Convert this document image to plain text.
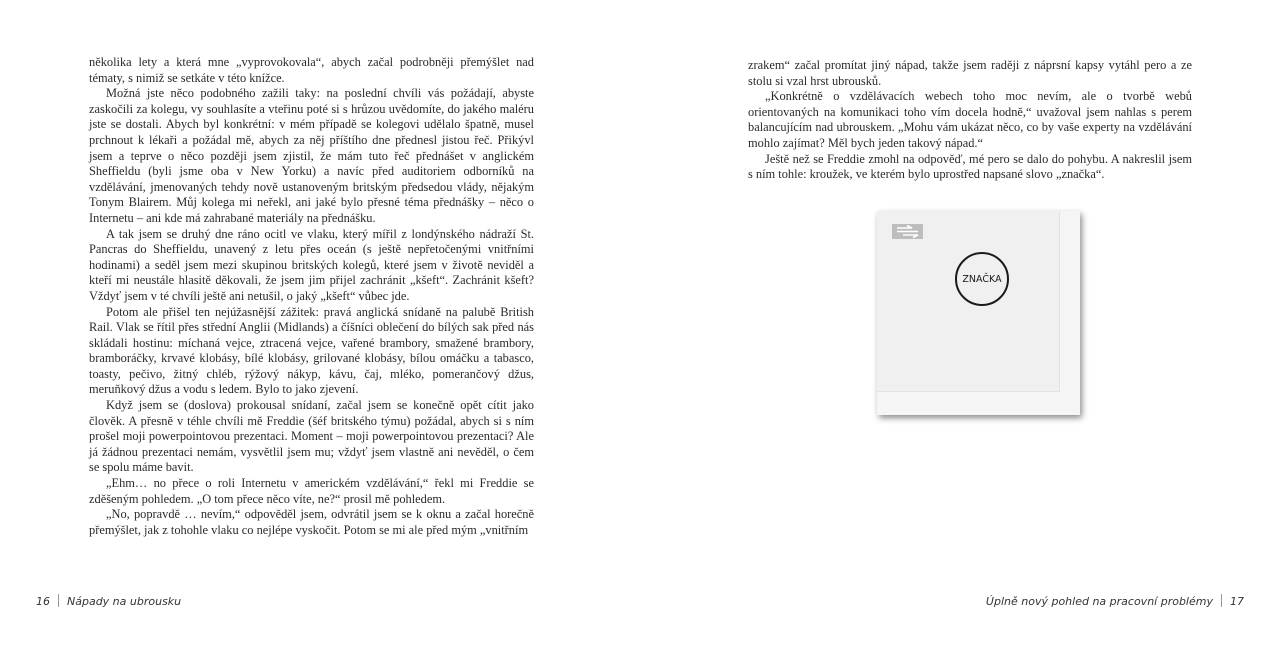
několika lety a která mne „vyprovokovala“, abych začal podrobněji přemýšlet nad tématy, s nimiž se setkáte v této knížce.

Možná jste něco podobného zažili taky: na poslední chvíli vás požádají, abyste zaskočili za kolegu, vy souhlasíte a vteřinu poté si s hrůzou uvědomíte, do jakého maléru jste se dostali. Abych byl konkrétní: v mém případě se kolegovi udělalo špatně, musel prchnout k lékaři a požádal mě, abych za něj příštího dne přednesl jistou řeč. Přikývl jsem a teprve o něco později jsem zjistil, že mám tuto řeč přednášet v anglickém Sheffieldu (byli jsme oba v New Yorku) a navíc před auditoriem odborníků na vzdělávání, jmenovaných tehdy nově ustanoveným britským předsedou vlády, nějakým Tonym Blairem. Můj kolega mi neřekl, ani jaké bylo přesné téma přednášky – něco o Internetu – ani kde má zahrabané materiály na přednášku.

A tak jsem se druhý dne ráno ocitl ve vlaku, který mířil z londýnského nádraží St. Pancras do Sheffieldu, unavený z letu přes oceán (s ještě nepřetočenými vnitřními hodinami) a seděl jsem mezi skupinou britských kolegů, které jsem v životě neviděl a kteří mi neustále hlasitě děkovali, že jsem jim přijel zachránit „kšeft“. Zachránit kšeft? Vždyť jsem v té chvíli ještě ani netušil, o jaký „kšeft“ vůbec jde.

Potom ale přišel ten nejúžasnější zážitek: pravá anglická snídaně na palubě British Rail. Vlak se řítil přes střední Anglii (Midlands) a číšníci oblečení do bílých sak před nás skládali hostinu: míchaná vejce, ztracená vejce, vařené brambory, smažené brambory, bramboráčky, krvavé klobásy, bílé klobásy, grilované klobásy, bílou omáčku a tabasco, toasty, pečivo, žitný chléb, rýžový nákyp, kávu, čaj, mléko, pomerančový džus, meruňkový džus a vodu s ledem. Bylo to jako zjevení.

Když jsem se (doslova) prokousal snídaní, začal jsem se konečně opět cítit jako člověk. A přesně v téhle chvíli mě Freddie (šéf britského týmu) požádal, abych si s ním prošel moji powerpointovou prezentaci. Moment – moji powerpointovou prezentaci? Ale já žádnou prezentaci nemám, vysvětlil jsem mu; vždyť jsem vlastně ani nevěděl, o čem se spolu máme bavit.

„Ehm… no přece o roli Internetu v americkém vzdělávání,“ řekl mi Freddie se zděšeným pohledem. „O tom přece něco víte, ne?“ prosil mě pohledem.

„No, popravdě … nevím,“ odpověděl jsem, odvrátil jsem se k oknu a začal horečně přemýšlet, jak z tohohle vlaku co nejlépe vyskočit. Potom se mi ale před mým „vnitřním

zrakem“ začal promítat jiný nápad, takže jsem raději z náprsní kapsy vytáhl pero a ze stolu si vzal hrst ubrousků.

„Konkrétně o vzdělávacích webech toho moc nevím, ale o tvorbě webů orientovaných na komunikaci toho vím docela hodně,“ uvažoval jsem nahlas s perem balancujícím nad ubrouskem. „Mohu vám ukázat něco, co by vaše experty na vzdělávání mohlo zajímat? Měl bych jeden takový nápad.“

Ještě než se Freddie zmohl na odpověď, mé pero se dalo do pohybu. A nakreslil jsem s ním tohle: kroužek, ve kterém bylo uprostřed napsané slovo „značka“.

ZNAČKA
16 Nápady na ubrousku	Úplně nový pohled na pracovní problémy 17
